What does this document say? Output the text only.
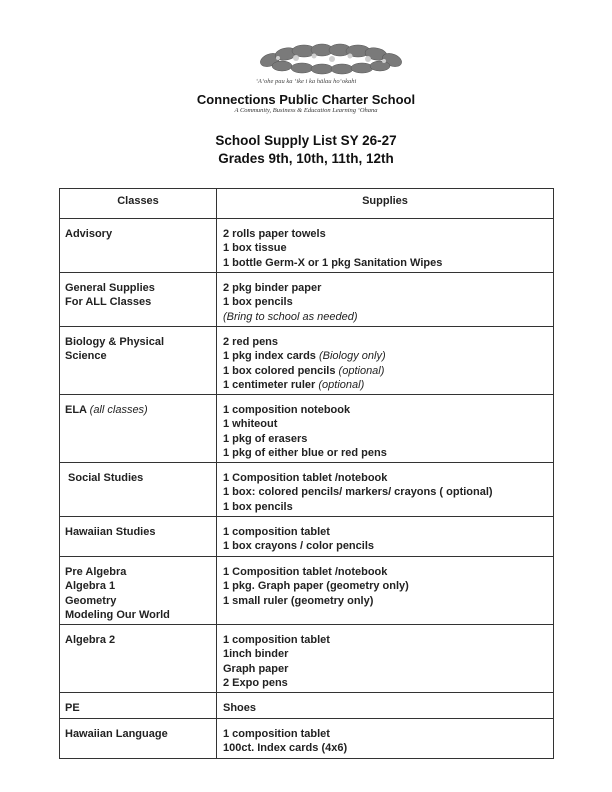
ʻAʻohe pau ka ʻike i ka hālau hoʻokahi
Connections Public Charter School
A Community, Business & Education Learning ʻOhana
School Supply List SY 26-27
Grades 9th, 10th, 11th, 12th
Classes	Supplies

Advisory	2 rolls paper towels
1 box tissue
1 bottle Germ-X or 1 pkg Sanitation Wipes

General Supplies
For ALL Classes	2 pkg binder paper
1 box pencils
(Bring to school as needed)

Biology & Physical
Science	2 red pens
1 pkg index cards (Biology only)
1 box colored pencils (optional)
1 centimeter ruler (optional)

ELA (all classes)	1 composition notebook
1 whiteout
1 pkg of erasers
1 pkg of either blue or red pens

Social Studies	1 Composition tablet /notebook
1 box: colored pencils/ markers/ crayons ( optional)
1 box pencils

Hawaiian Studies	1 composition tablet
1 box crayons / color pencils

Pre Algebra
Algebra 1
Geometry
Modeling Our World	1 Composition tablet /notebook
1 pkg. Graph paper (geometry only)
1 small ruler (geometry only)

Algebra 2	1 composition tablet
1inch binder
Graph paper
2 Expo pens

PE	Shoes

Hawaiian Language	1 composition tablet
100ct. Index cards (4x6)
